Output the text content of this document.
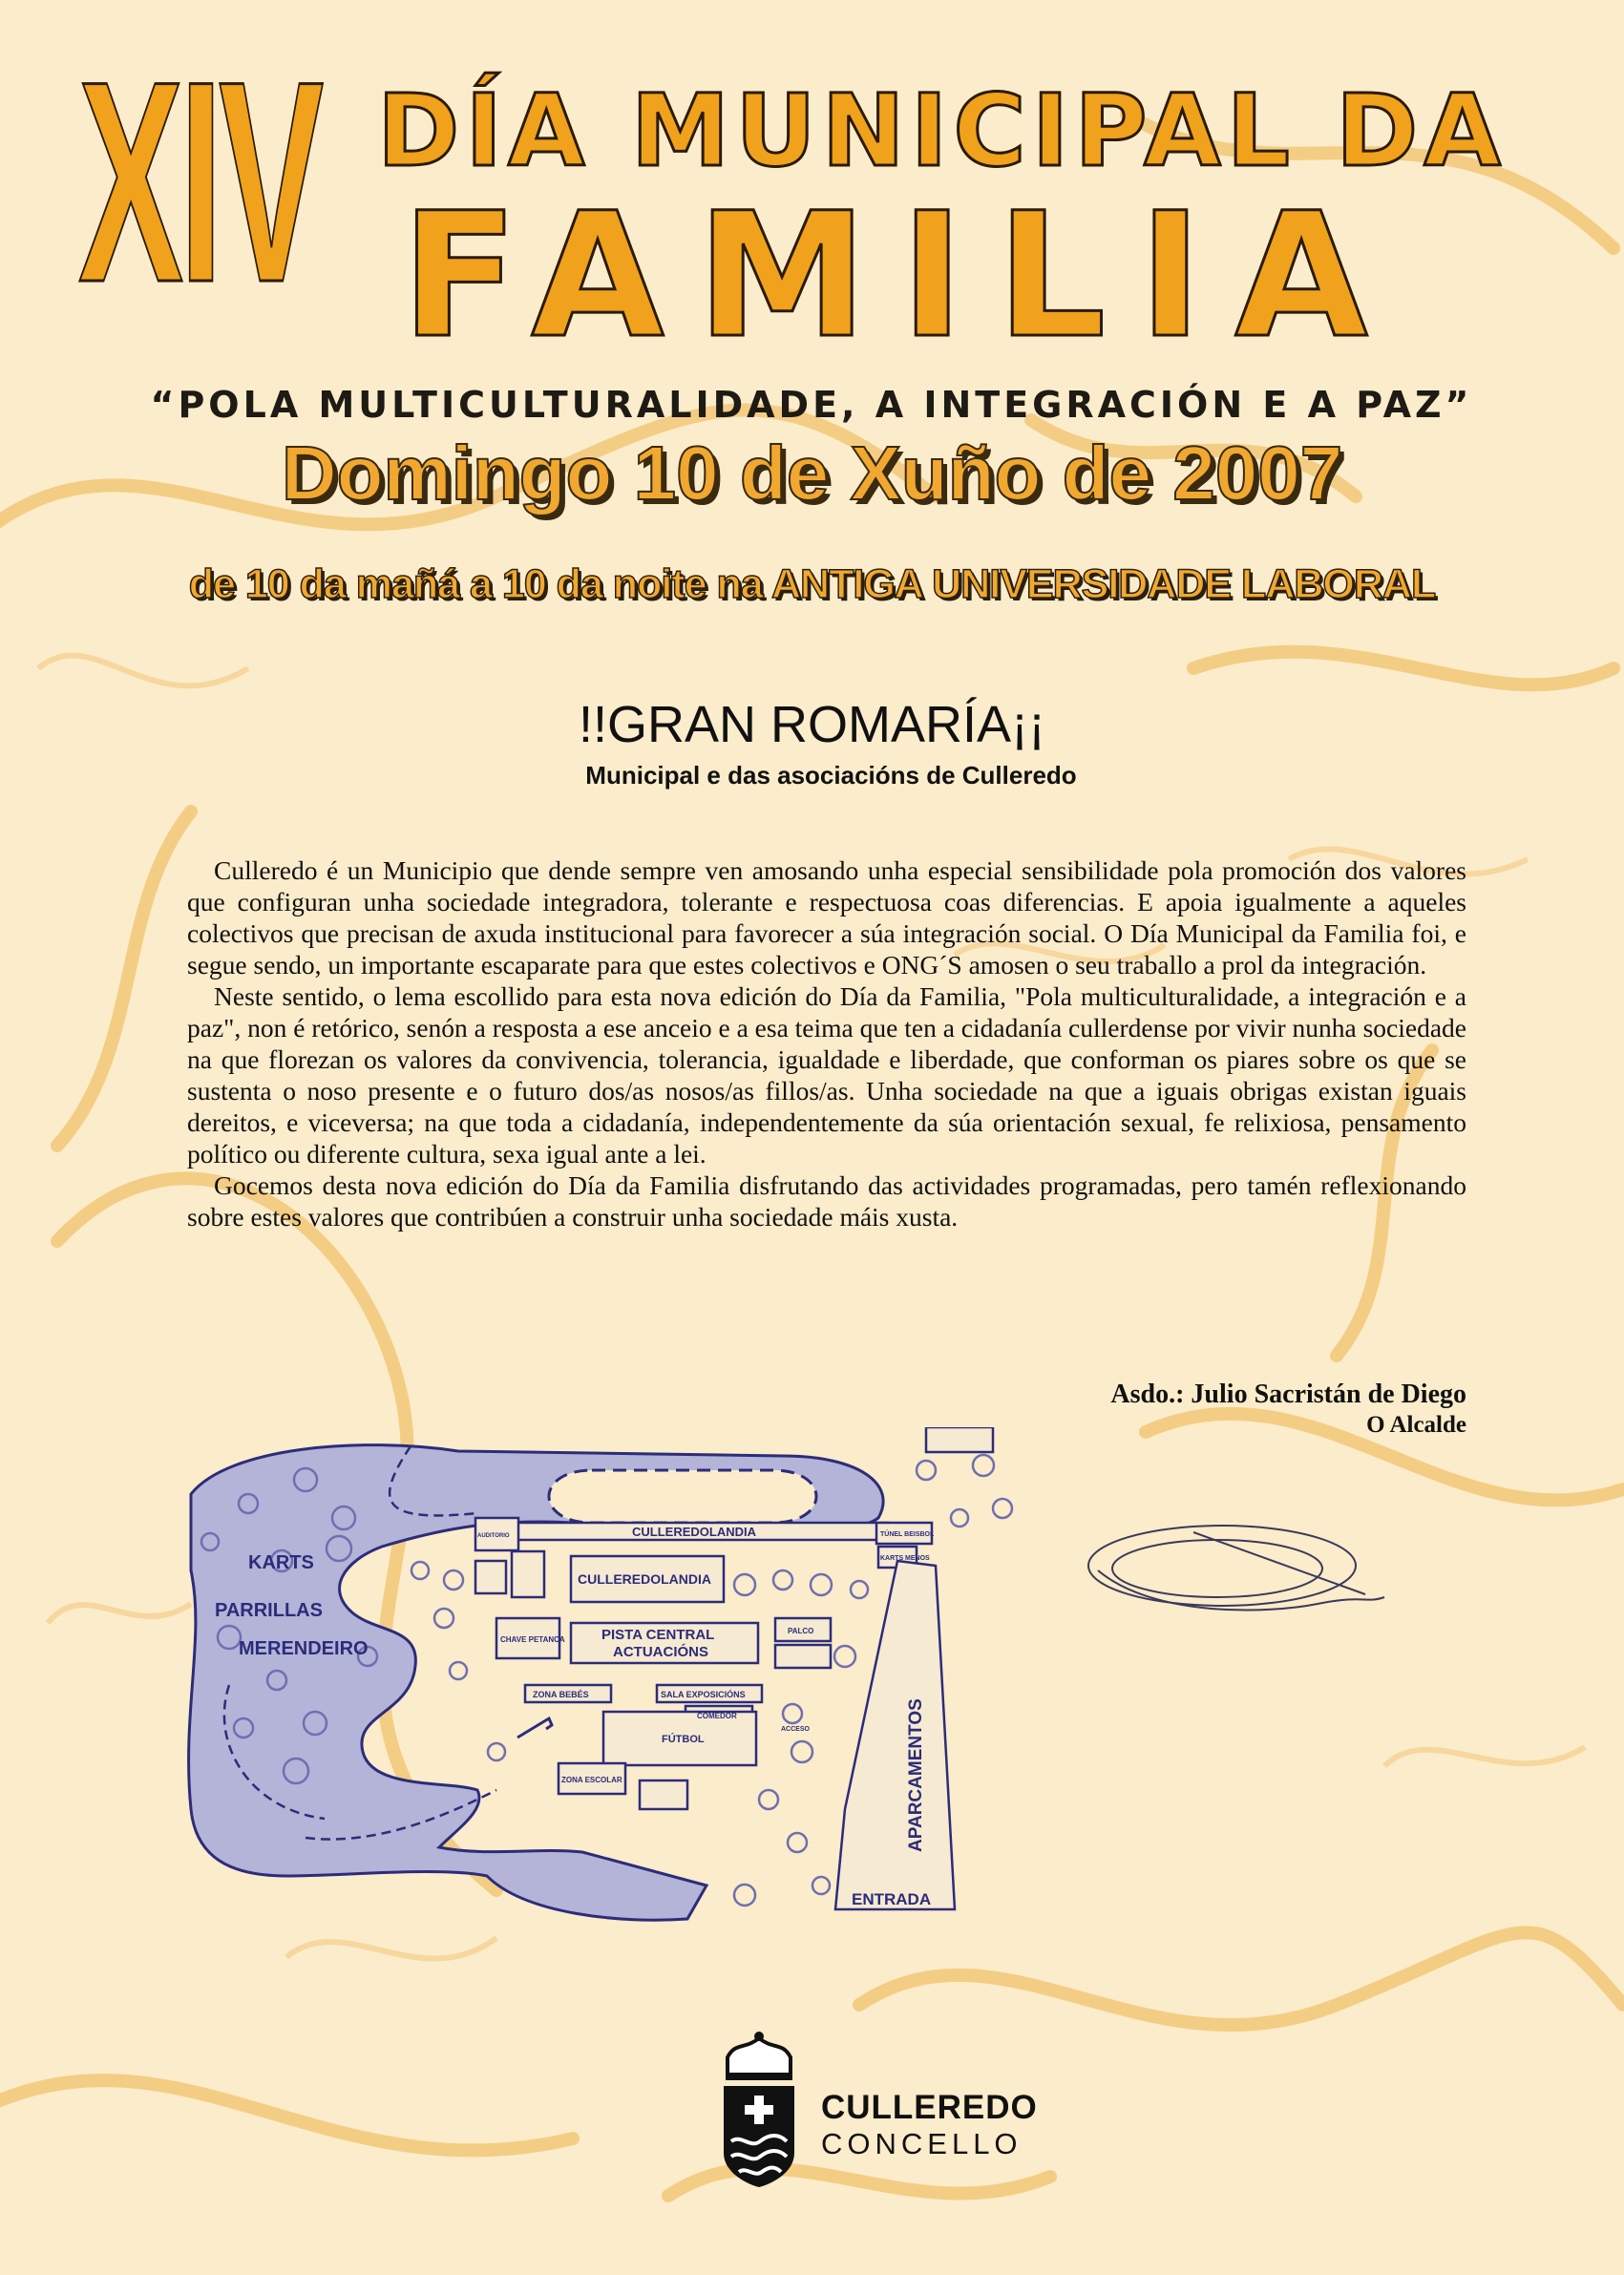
XIV DÍA MUNICIPAL DA
FAMILIA
“POLA MULTICULTURALIDADE, A INTEGRACIÓN E A PAZ”
Domingo 10 de Xuño de 2007
de 10 da mañá a 10 da noite na ANTIGA UNIVERSIDADE LABORAL
!!GRAN ROMARÍA¡¡
Municipal e das asociacións de Culleredo

Culleredo é un Municipio que dende sempre ven amosando unha especial sensibilidade pola promoción dos valores que configuran unha sociedade integradora, tolerante e respectuosa coas diferencias. E apoia igualmente a aqueles colectivos que precisan de axuda institucional para favorecer a súa integración social. O Día Municipal da Familia foi, e segue sendo, un importante escaparate para que estes colectivos e ONG´S amosen o seu traballo a prol da integración.

Neste sentido, o lema escollido para esta nova edición do Día da Familia, "Pola multiculturalidade, a integración e a paz", non é retórico, senón a resposta a ese anceio e a esa teima que ten a cidadanía cullerdense por vivir nunha sociedade na que florezan os valores da convivencia, tolerancia, igualdade e liberdade, que conforman os piares sobre os que se sustenta o noso presente e o futuro dos/as nosos/as fillos/as. Unha sociedade na que a iguais obrigas existan iguais dereitos, e viceversa; na que toda a cidadanía, independentemente da súa orientación sexual, fe relixiosa, pensamento político ou diferente cultura, sexa igual ante a lei.

Gocemos desta nova edición do Día da Familia disfrutando das actividades programadas, pero tamén reflexionando sobre estes valores que contribúen a construir unha sociedade máis xusta.

Asdo.: Julio Sacristán de Diego
O Alcalde
KARTS
PARRILLAS
MERENDEIRO
CULLEREDOLANDIA
CULLEREDOLANDIA
PISTA CENTRAL
ACTUACIÓNS
FÚTBOL
ZONA BEBÉS	SALA EXPOSICIÓNS
COMEDOR
CHAVE PETANCA
PALCO
ZONA ESCOLAR
TÚNEL BEISBOL
KARTS MENOS
AUDITORIO
ACCESO	APARCAMENTOS
ENTRADA
CULLEREDO
CONCELLO
